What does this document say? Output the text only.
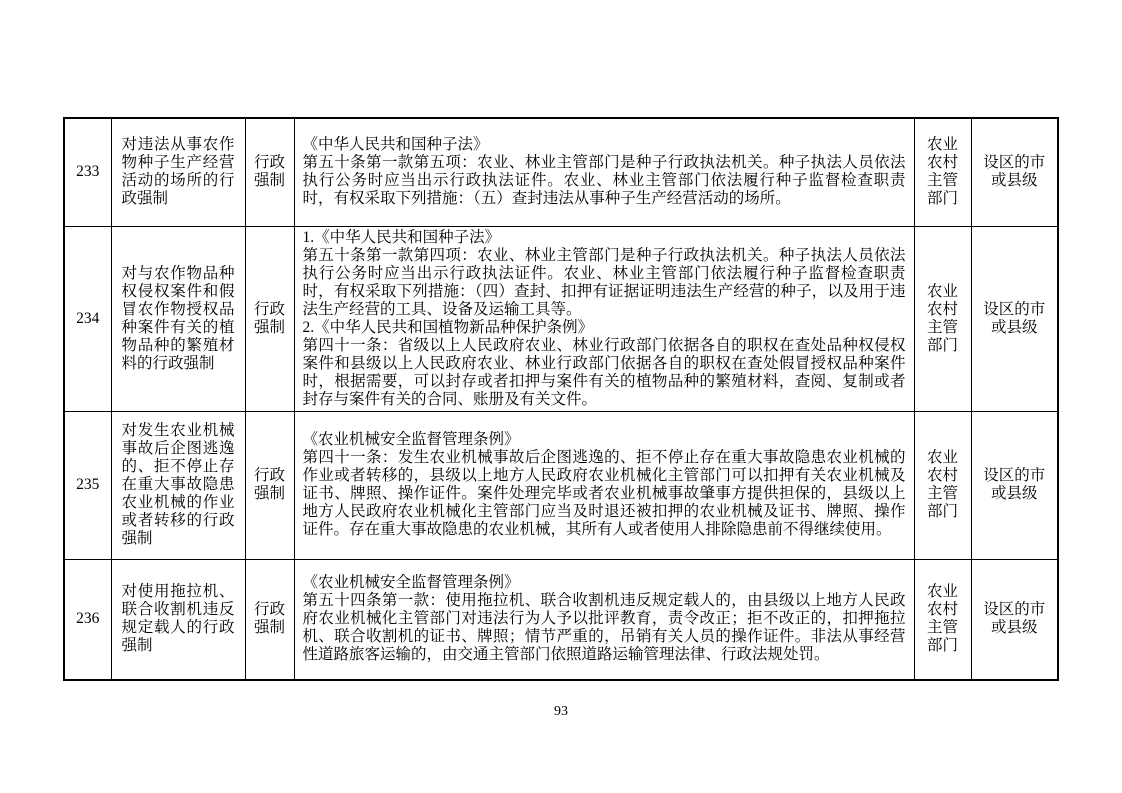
233	对违法从事农作物种子生产经营活动的场所的行政强制	行政强制	《中华人民共和国种子法》

第五十条第一款第五项：农业、林业主管部门是种子行政执法机关。种子执法人员依法执行公务时应当出示行政执法证件。农业、林业主管部门依法履行种子监督检查职责时，有权采取下列措施：（五）查封违法从事种子生产经营活动的场所。	农业农村主管部门	设区的市或县级
234	对与农作物品种权侵权案件和假冒农作物授权品种案件有关的植物品种的繁殖材料的行政强制	行政强制	1.《中华人民共和国种子法》

第五十条第一款第四项：农业、林业主管部门是种子行政执法机关。种子执法人员依法执行公务时应当出示行政执法证件。农业、林业主管部门依法履行种子监督检查职责时，有权采取下列措施：（四）查封、扣押有证据证明违法生产经营的种子，以及用于违法生产经营的工具、设备及运输工具等。

2.《中华人民共和国植物新品种保护条例》

第四十一条：省级以上人民政府农业、林业行政部门依据各自的职权在查处品种权侵权案件和县级以上人民政府农业、林业行政部门依据各自的职权在查处假冒授权品种案件时，根据需要，可以封存或者扣押与案件有关的植物品种的繁殖材料，查阅、复制或者封存与案件有关的合同、账册及有关文件。	农业农村主管部门	设区的市或县级
235	对发生农业机械事故后企图逃逸的、拒不停止存在重大事故隐患农业机械的作业或者转移的行政强制	行政强制	《农业机械安全监督管理条例》

第四十一条：发生农业机械事故后企图逃逸的、拒不停止存在重大事故隐患农业机械的作业或者转移的，县级以上地方人民政府农业机械化主管部门可以扣押有关农业机械及证书、牌照、操作证件。案件处理完毕或者农业机械事故肇事方提供担保的，县级以上地方人民政府农业机械化主管部门应当及时退还被扣押的农业机械及证书、牌照、操作证件。存在重大事故隐患的农业机械，其所有人或者使用人排除隐患前不得继续使用。	农业农村主管部门	设区的市或县级
236	对使用拖拉机、联合收割机违反规定载人的行政强制	行政强制	《农业机械安全监督管理条例》

第五十四条第一款：使用拖拉机、联合收割机违反规定载人的，由县级以上地方人民政府农业机械化主管部门对违法行为人予以批评教育，责令改正；拒不改正的，扣押拖拉机、联合收割机的证书、牌照；情节严重的，吊销有关人员的操作证件。非法从事经营性道路旅客运输的，由交通主管部门依照道路运输管理法律、行政法规处罚。	农业农村主管部门	设区的市或县级
93
